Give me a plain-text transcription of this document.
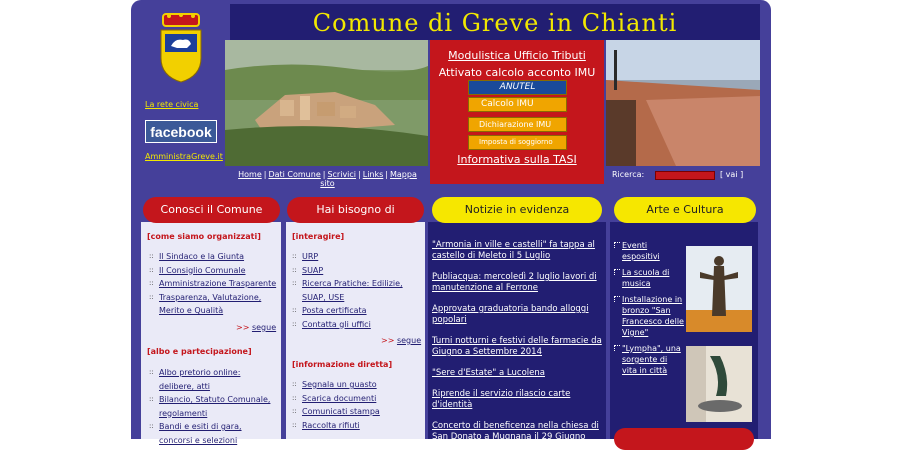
Comune di Greve in Chianti
La rete civica
facebook
AmministraGreve.it
Modulistica Ufficio Tributi
Attivato calcolo acconto IMU
ANUTEL
Calcolo IMU
Dichiarazione IMU
Imposta di soggiorno
Informativa sulla TASI
Home | Dati Comune | Scrivici | Links | Mappa sito
Ricerca:	[ vai ]
Conosci il Comune
[come siamo organizzati]
:: Il Sindaco e la Giunta
:: Il Consiglio Comunale
:: Amministrazione Trasparente
:: Trasparenza, Valutazione, Merito e Qualità
>> segue
[albo e partecipazione]
:: Albo pretorio online: delibere, atti
:: Bilancio, Statuto Comunale, regolamenti
:: Bandi e esiti di gara, concorsi e selezioni
Hai bisogno di
[interagire]
:: URP
:: SUAP
:: Ricerca Pratiche: Edilizie, SUAP, USE
:: Posta certificata
:: Contatta gli uffici
>> segue
[informazione diretta]
:: Segnala un guasto
:: Scarica documenti
:: Comunicati stampa
:: Raccolta rifiuti
Notizie in evidenza
"Armonia in ville e castelli" fa tappa al castello di Meleto il 5 Luglio
Publiacqua: mercoledì 2 luglio lavori di manutenzione al Ferrone
Approvata graduatoria bando alloggi popolari
Turni notturni e festivi delle farmacie da Giugno a Settembre 2014
"Sere d'Estate" a Lucolena
Riprende il servizio rilascio carte d'identità
Concerto di beneficenza nella chiesa di San Donato a Mugnana il 29 Giugno
Arte e Cultura
Eventi espositivi
La scuola di musica
Installazione in bronzo "San Francesco delle Vigne"
"Lympha", una sorgente di vita in città
